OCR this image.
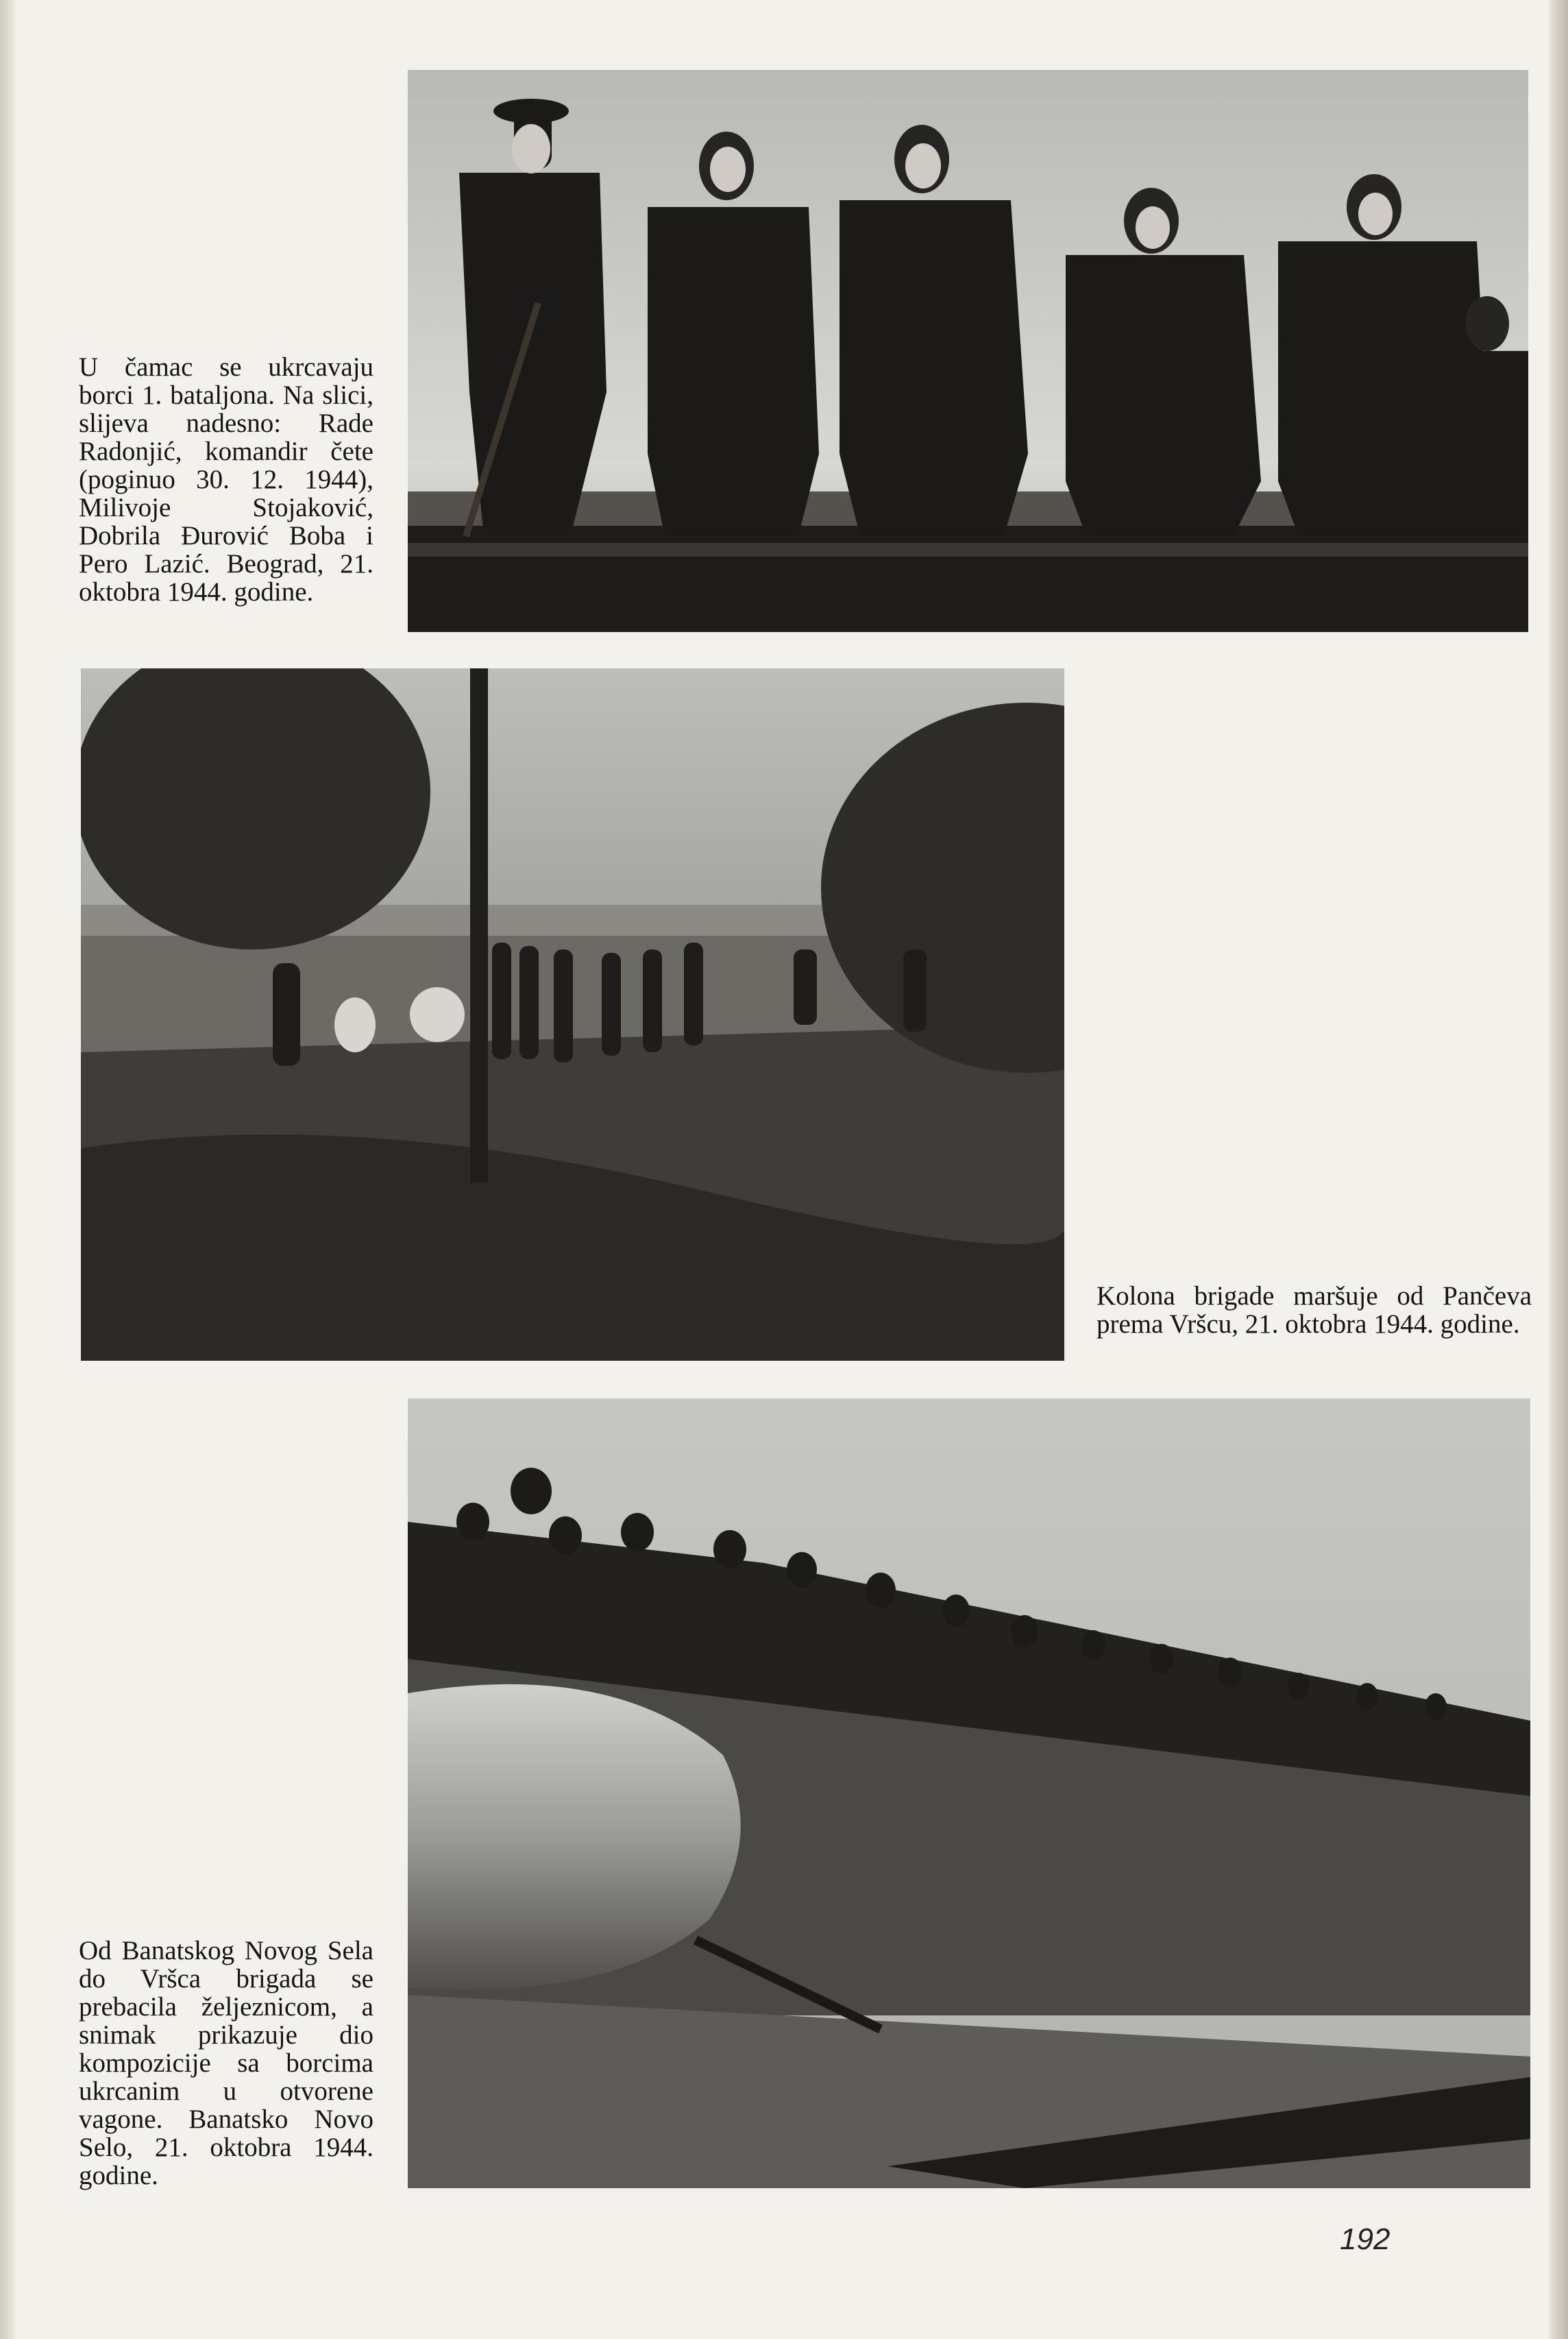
U čamac se ukrcavaju borci 1. bataljona. Na slici, slijeva nadesno: Rade Radonjić, komandir čete (poginuo 30. 12. 1944), Milivoje Stojaković, Dobrila Đurović Boba i Pero Lazić. Beograd, 21. oktobra 1944. godine.

Kolona brigade maršuje od Pančeva prema Vršcu, 21. oktobra 1944. godine.

Od Banatskog Novog Sela do Vršca brigada se prebacila željeznicom, a snimak prikazuje dio kompozicije sa borcima ukrcanim u otvorene vagone. Banatsko Novo Selo, 21. oktobra 1944. godine.

192
